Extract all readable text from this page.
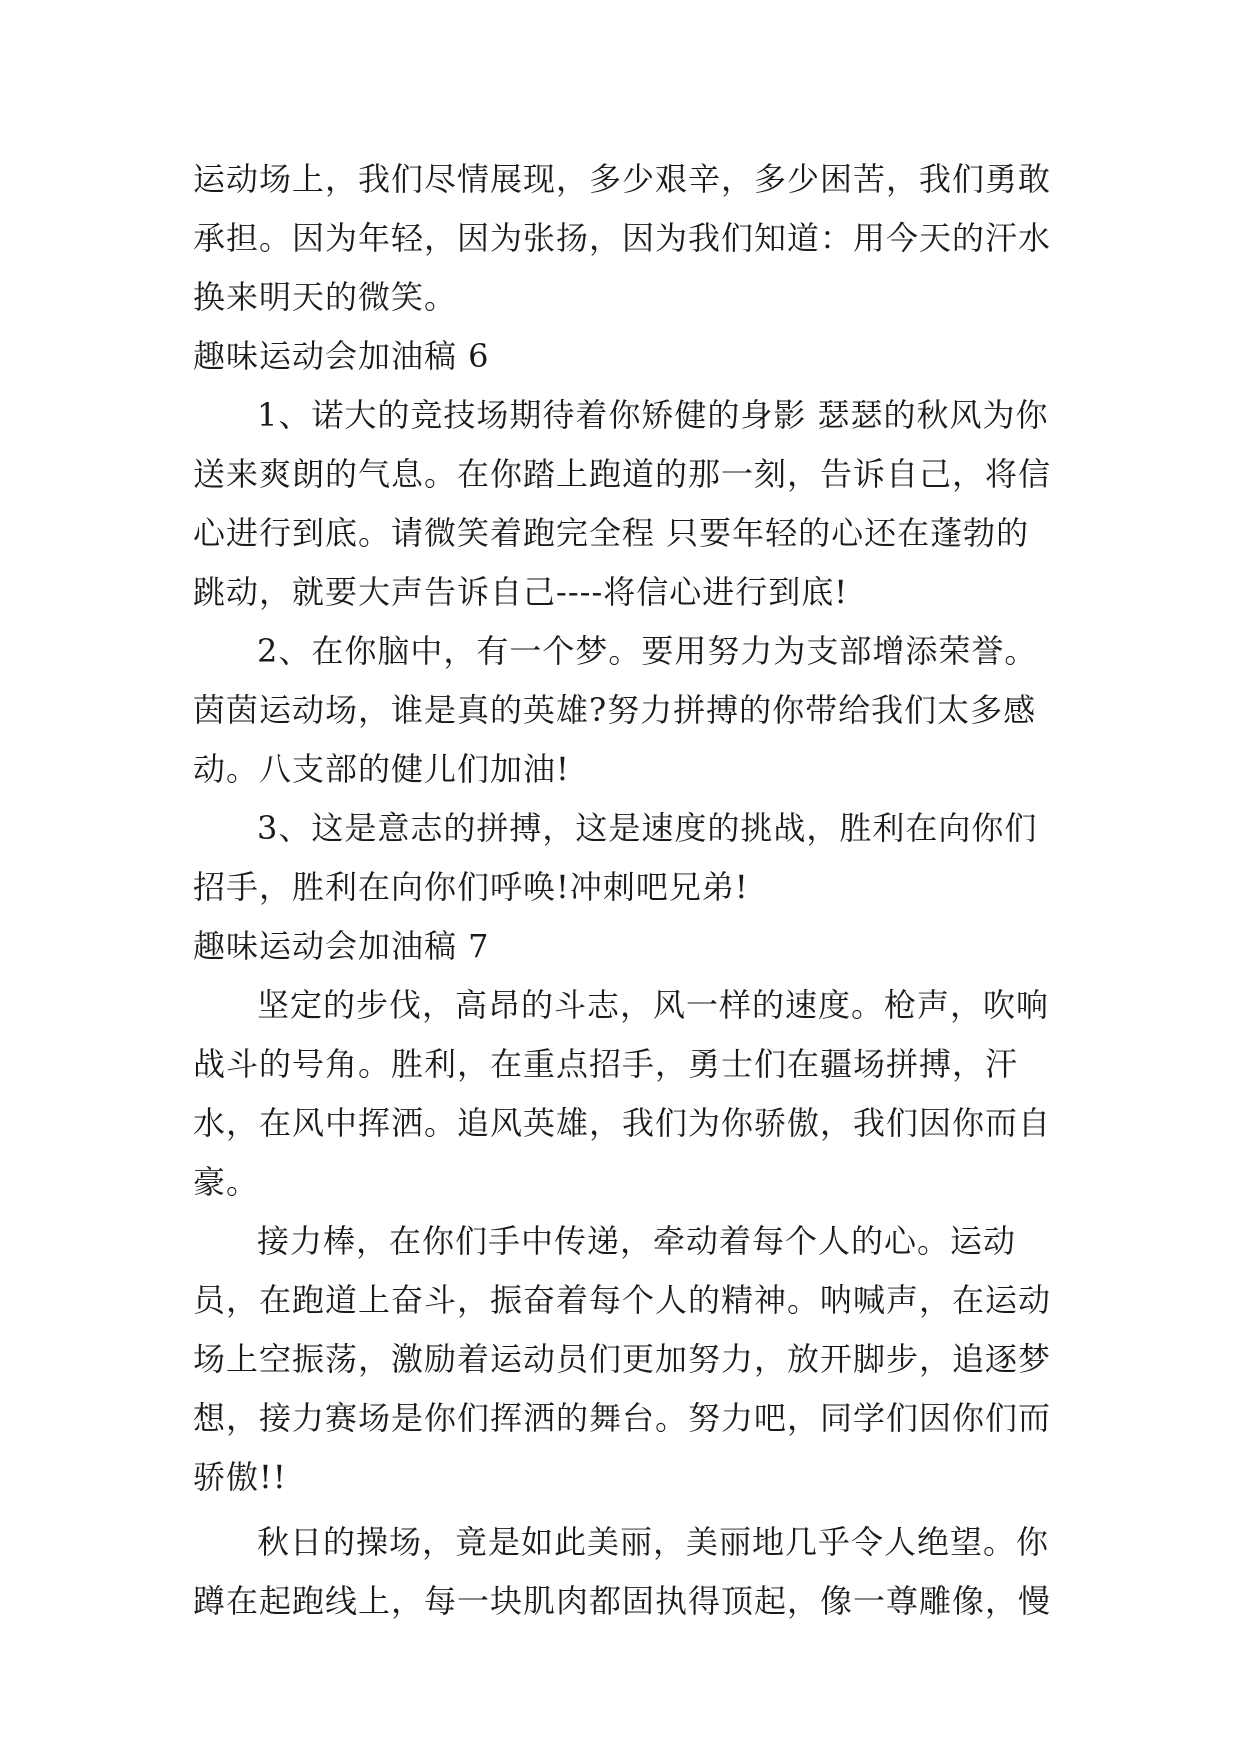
运动场上，我们尽情展现，多少艰辛，多少困苦，我们勇敢承担。因为年轻，因为张扬，因为我们知道：用今天的汗水换来明天的微笑。

趣味运动会加油稿 6

1、诺大的竞技场期待着你矫健的身影 瑟瑟的秋风为你送来爽朗的气息。在你踏上跑道的那一刻，告诉自己，将信心进行到底。请微笑着跑完全程 只要年轻的心还在蓬勃的跳动，就要大声告诉自己----将信心进行到底!

2、在你脑中，有一个梦。要用努力为支部增添荣誉。茵茵运动场，谁是真的英雄?努力拼搏的你带给我们太多感动。八支部的健儿们加油!

3、这是意志的拼搏，这是速度的挑战，胜利在向你们招手，胜利在向你们呼唤!冲刺吧兄弟!

趣味运动会加油稿 7

坚定的步伐，高昂的斗志，风一样的速度。枪声，吹响战斗的号角。胜利，在重点招手，勇士们在疆场拼搏，汗水，在风中挥洒。追风英雄，我们为你骄傲，我们因你而自豪。

接力棒，在你们手中传递，牵动着每个人的心。运动员，在跑道上奋斗，振奋着每个人的精神。呐喊声，在运动场上空振荡，激励着运动员们更加努力，放开脚步，追逐梦想，接力赛场是你们挥洒的舞台。努力吧，同学们因你们而骄傲!!

秋日的操场，竟是如此美丽，美丽地几乎令人绝望。你蹲在起跑线上，每一块肌肉都固执得顶起，像一尊雕像，慢
